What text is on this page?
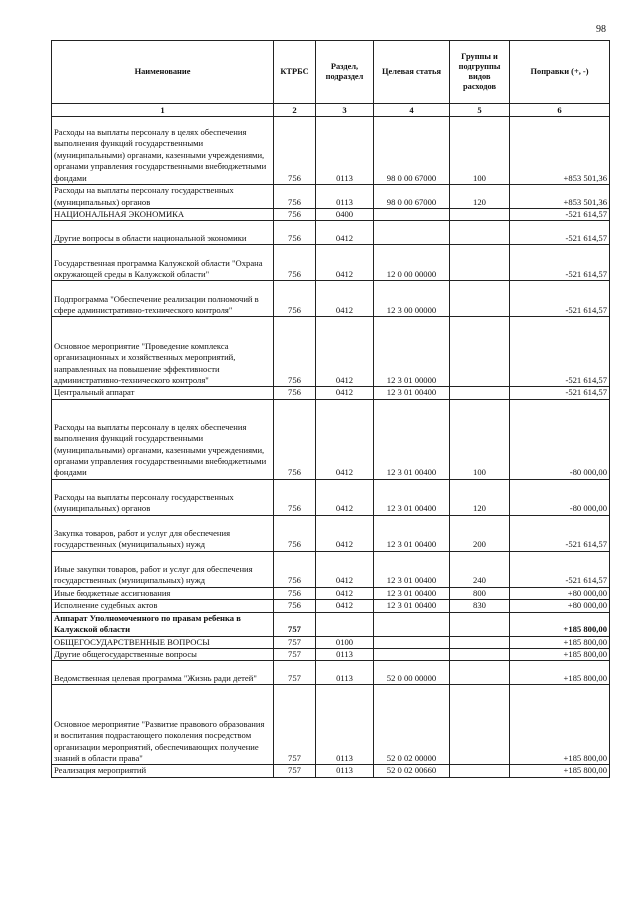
98
Наименование	КТРБС	Раздел, подраздел	Целевая статья	Группы и подгруппы видов расходов	Поправки (+, -)
1	2	3	4	5	6
Расходы на выплаты персоналу в целях обеспечения выполнения функций государственными (муниципальными) органами, казенными учреждениями, органами управления государственными внебюджетными фондами	756	0113	98 0 00 67000	100	+853 501,36
Расходы на выплаты персоналу государственных (муниципальных) органов	756	0113	98 0 00 67000	120	+853 501,36
НАЦИОНАЛЬНАЯ ЭКОНОМИКА	756	0400			-521 614,57
Другие вопросы в области национальной экономики	756	0412			-521 614,57
Государственная программа Калужской области "Охрана окружающей среды в Калужской области"	756	0412	12 0 00 00000		-521 614,57
Подпрограмма "Обеспечение реализации полномочий в сфере административно-технического контроля"	756	0412	12 3 00 00000		-521 614,57
Основное мероприятие "Проведение комплекса организационных и хозяйственных мероприятий, направленных на повышение эффективности административно-технического контроля"	756	0412	12 3 01 00000		-521 614,57
Центральный аппарат	756	0412	12 3 01 00400		-521 614,57
Расходы на выплаты персоналу в целях обеспечения выполнения функций государственными (муниципальными) органами, казенными учреждениями, органами управления государственными внебюджетными фондами	756	0412	12 3 01 00400	100	-80 000,00
Расходы на выплаты персоналу государственных (муниципальных) органов	756	0412	12 3 01 00400	120	-80 000,00
Закупка товаров, работ и услуг для обеспечения государственных (муниципальных) нужд	756	0412	12 3 01 00400	200	-521 614,57
Иные закупки товаров, работ и услуг для обеспечения государственных (муниципальных) нужд	756	0412	12 3 01 00400	240	-521 614,57
Иные бюджетные ассигнования	756	0412	12 3 01 00400	800	+80 000,00
Исполнение судебных актов	756	0412	12 3 01 00400	830	+80 000,00
Аппарат Уполномоченного по правам ребенка в Калужской области	757				+185 800,00
ОБЩЕГОСУДАРСТВЕННЫЕ ВОПРОСЫ	757	0100			+185 800,00
Другие общегосударственные вопросы	757	0113			+185 800,00
Ведомственная целевая программа "Жизнь ради детей"	757	0113	52 0 00 00000		+185 800,00
Основное мероприятие "Развитие правового образования и воспитания подрастающего поколения посредством организации мероприятий, обеспечивающих получение знаний в области права"	757	0113	52 0 02 00000		+185 800,00
Реализация мероприятий	757	0113	52 0 02 00660		+185 800,00
